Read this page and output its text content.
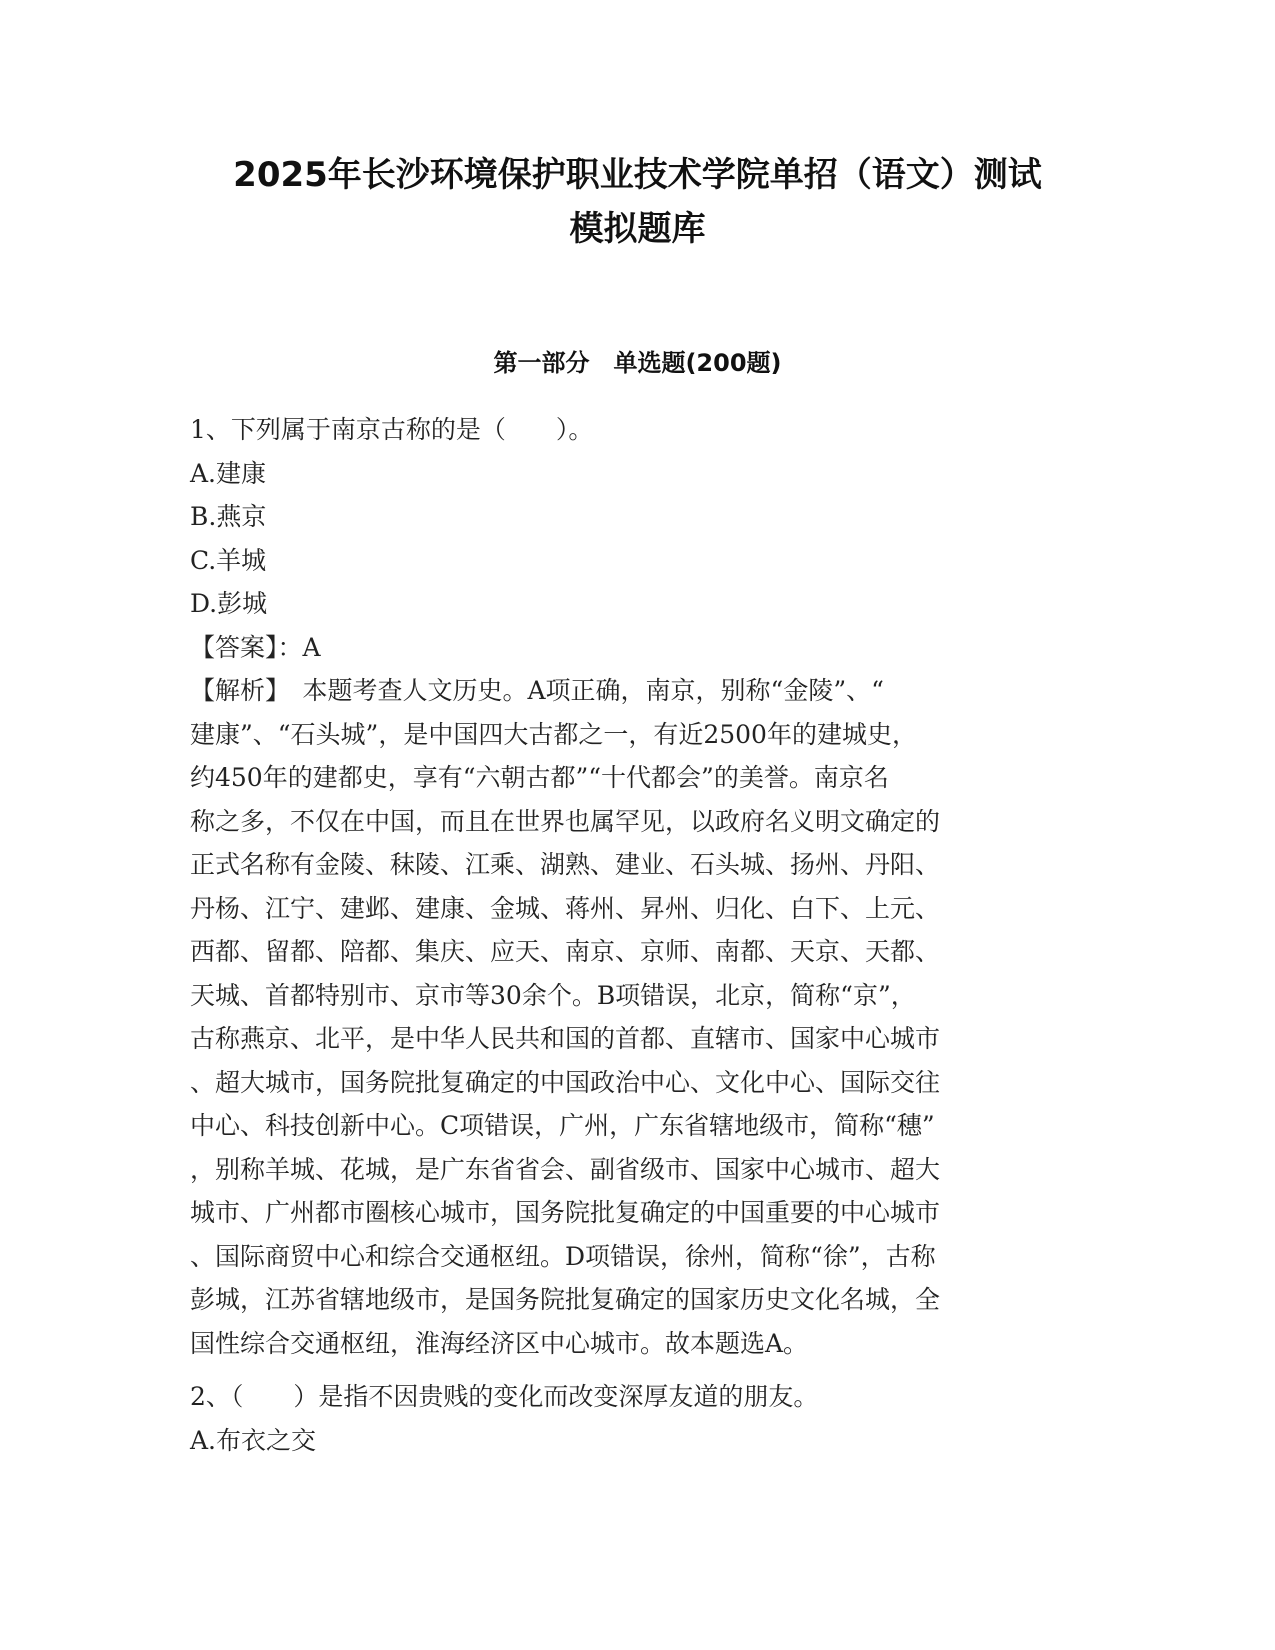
2025年长沙环境保护职业技术学院单招（语文）测试
模拟题库
第一部分　单选题(200题)
1、下列属于南京古称的是（　　）。
A.建康
B.燕京
C.羊城
D.彭城
【答案】：A
【解析】　本题考查人文历史。A项正确，南京，别称“金陵”、“
建康”、“石头城”，是中国四大古都之一，有近2500年的建城史，
约450年的建都史，享有“六朝古都”“十代都会”的美誉。南京名
称之多，不仅在中国，而且在世界也属罕见，以政府名义明文确定的
正式名称有金陵、秣陵、江乘、湖熟、建业、石头城、扬州、丹阳、
丹杨、江宁、建邺、建康、金城、蒋州、昇州、归化、白下、上元、
西都、留都、陪都、集庆、应天、南京、京师、南都、天京、天都、
天城、首都特别市、京市等30余个。B项错误，北京，简称“京”，
古称燕京、北平，是中华人民共和国的首都、直辖市、国家中心城市
、超大城市，国务院批复确定的中国政治中心、文化中心、国际交往
中心、科技创新中心。C项错误，广州，广东省辖地级市，简称“穗”
，别称羊城、花城，是广东省省会、副省级市、国家中心城市、超大
城市、广州都市圈核心城市，国务院批复确定的中国重要的中心城市
、国际商贸中心和综合交通枢纽。D项错误，徐州，简称“徐”，古称
彭城，江苏省辖地级市，是国务院批复确定的国家历史文化名城，全
国性综合交通枢纽，淮海经济区中心城市。故本题选A。
2、（　　）是指不因贵贱的变化而改变深厚友道的朋友。
A.布衣之交
